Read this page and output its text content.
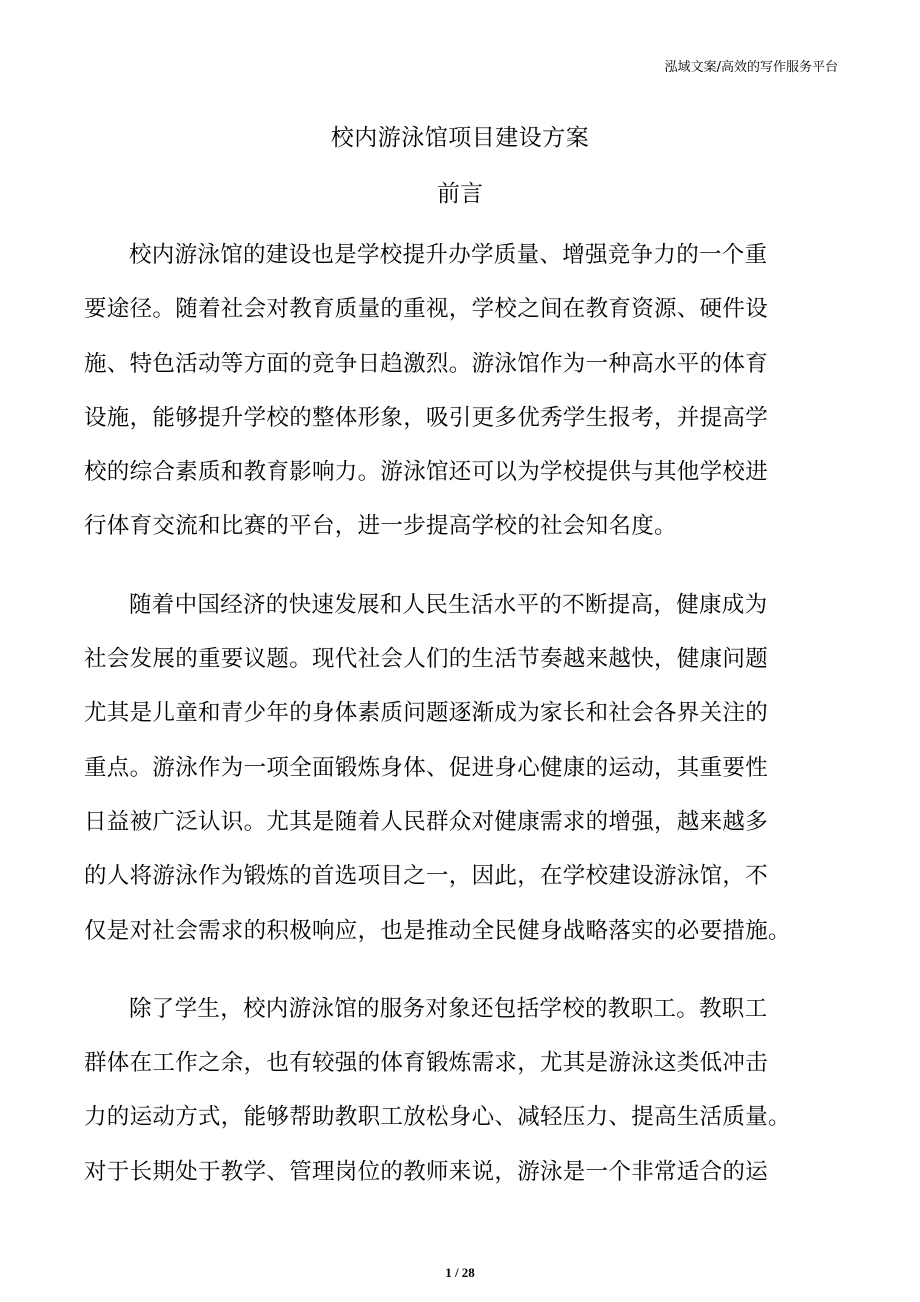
泓域文案/高效的写作服务平台
校内游泳馆项目建设方案
前言
校内游泳馆的建设也是学校提升办学质量、增强竞争力的一个重
要途径。随着社会对教育质量的重视，学校之间在教育资源、硬件设
施、特色活动等方面的竞争日趋激烈。游泳馆作为一种高水平的体育
设施，能够提升学校的整体形象，吸引更多优秀学生报考，并提高学
校的综合素质和教育影响力。游泳馆还可以为学校提供与其他学校进
行体育交流和比赛的平台，进一步提高学校的社会知名度。
随着中国经济的快速发展和人民生活水平的不断提高，健康成为
社会发展的重要议题。现代社会人们的生活节奏越来越快，健康问题
尤其是儿童和青少年的身体素质问题逐渐成为家长和社会各界关注的
重点。游泳作为一项全面锻炼身体、促进身心健康的运动，其重要性
日益被广泛认识。尤其是随着人民群众对健康需求的增强，越来越多
的人将游泳作为锻炼的首选项目之一，因此，在学校建设游泳馆，不
仅是对社会需求的积极响应，也是推动全民健身战略落实的必要措施。
除了学生，校内游泳馆的服务对象还包括学校的教职工。教职工
群体在工作之余，也有较强的体育锻炼需求，尤其是游泳这类低冲击
力的运动方式，能够帮助教职工放松身心、减轻压力、提高生活质量。
对于长期处于教学、管理岗位的教师来说，游泳是一个非常适合的运
1 / 28
